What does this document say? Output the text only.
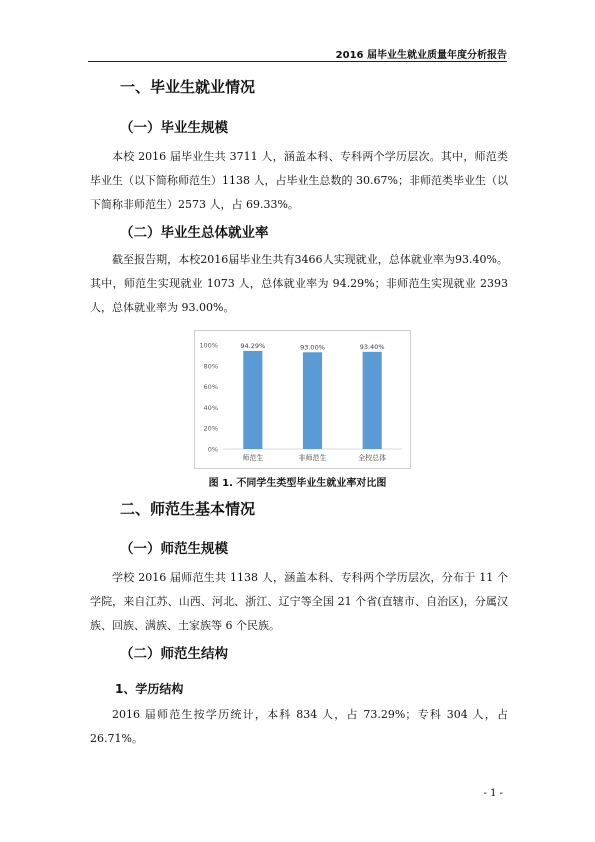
2016 届毕业生就业质量年度分析报告
一、毕业生就业情况
（一）毕业生规模
本校 2016 届毕业生共 3711 人，涵盖本科、专科两个学历层次。其中，师范类毕业生（以下简称师范生）1138 人，占毕业生总数的 30.67%；非师范类毕业生（以下简称非师范生）2573 人，占 69.33%。
（二）毕业生总体就业率
截至报告期，本校2016届毕业生共有3466人实现就业，总体就业率为93.40%。其中，师范生实现就业 1073 人，总体就业率为 94.29%；非师范生实现就业 2393 人，总体就业率为 93.00%。
0%
20%
40%
60%
80%
100%	94.29%
师范生
93.00%
非师范生
93.40%
全校总体
图 1. 不同学生类型毕业生就业率对比图
二、师范生基本情况
（一）师范生规模
学校 2016 届师范生共 1138 人，涵盖本科、专科两个学历层次，分布于 11 个学院，来自江苏、山西、河北、浙江、辽宁等全国 21 个省(直辖市、自治区)，分属汉族、回族、满族、土家族等 6 个民族。
（二）师范生结构
1、学历结构
2016 届师范生按学历统计，本科 834 人，占 73.29%；专科 304 人，占 26.71%。
- 1 -
